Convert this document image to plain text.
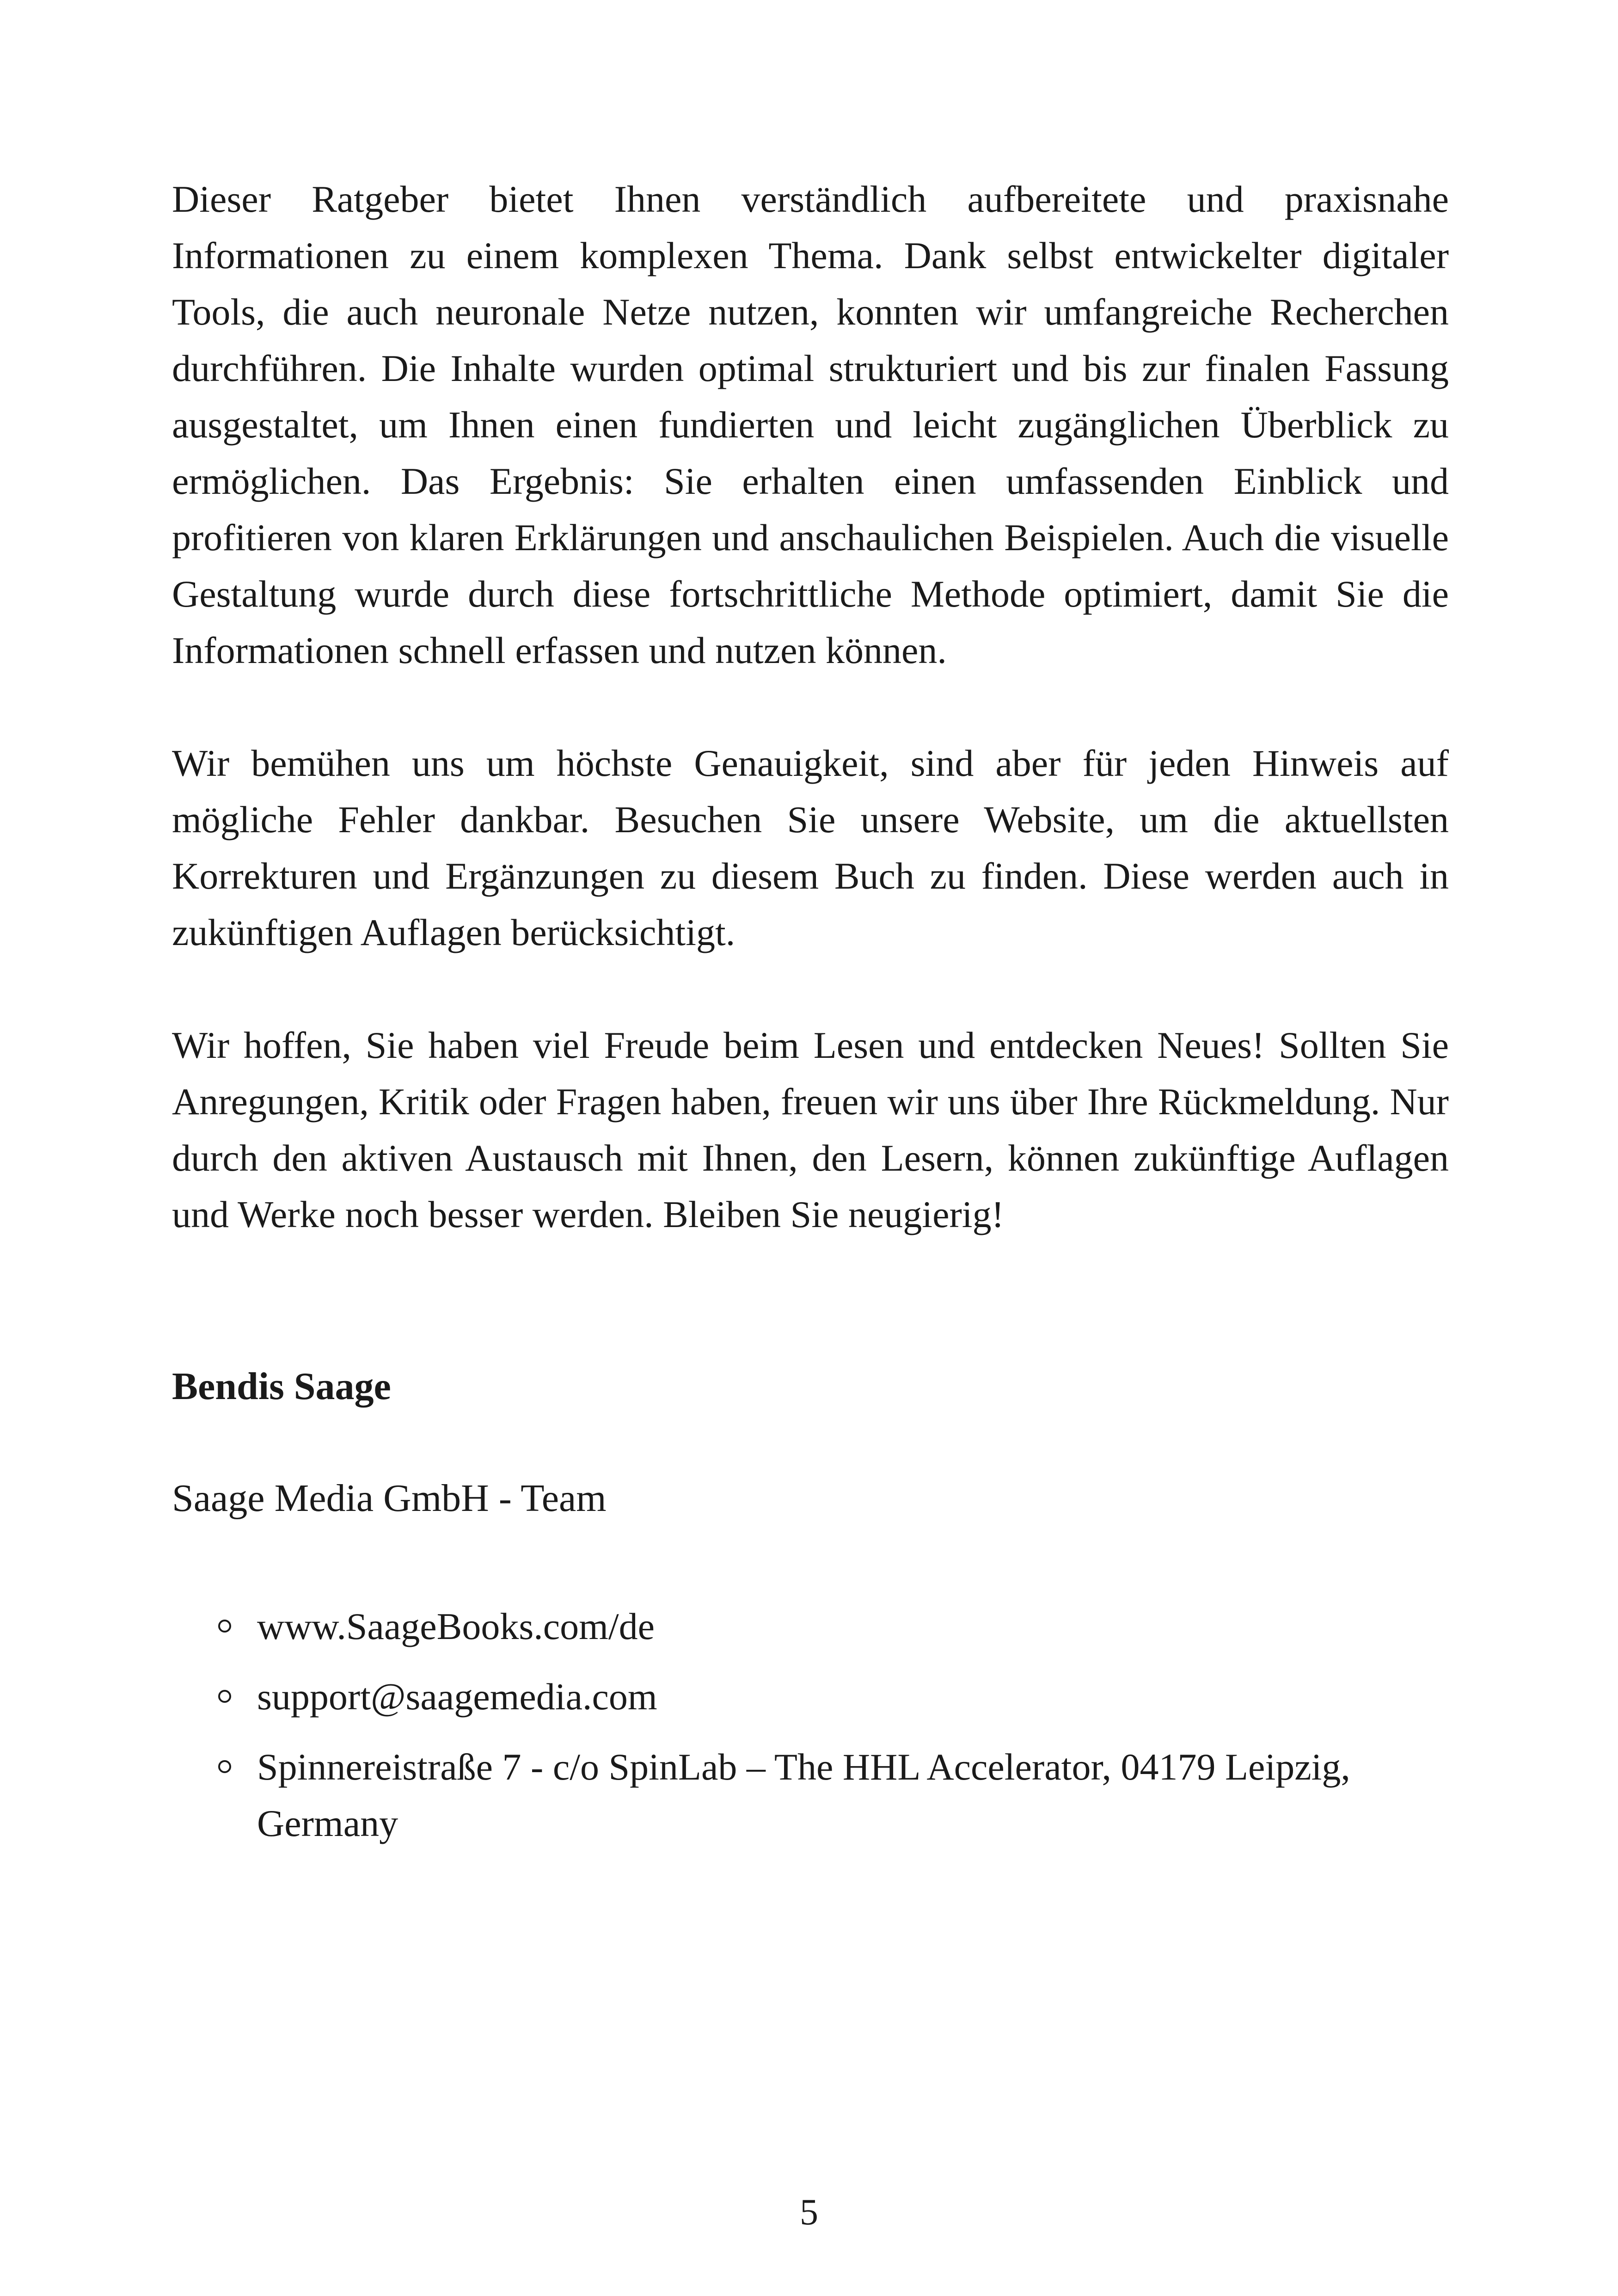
Dieser Ratgeber bietet Ihnen verständlich aufbereitete und praxisnahe Informationen zu einem komplexen Thema. Dank selbst entwickelter digitaler Tools, die auch neuronale Netze nutzen, konnten wir umfangreiche Recherchen durchführen. Die Inhalte wurden optimal strukturiert und bis zur finalen Fassung ausgestaltet, um Ihnen einen fundierten und leicht zugänglichen Überblick zu ermöglichen. Das Ergebnis: Sie erhalten einen umfassenden Einblick und profitieren von klaren Erklärungen und anschaulichen Beispielen. Auch die visuelle Gestaltung wurde durch diese fortschrittliche Methode optimiert, damit Sie die Informationen schnell erfassen und nutzen können.

Wir bemühen uns um höchste Genauigkeit, sind aber für jeden Hinweis auf mögliche Fehler dankbar. Besuchen Sie unsere Website, um die aktuellsten Korrekturen und Ergänzungen zu diesem Buch zu finden. Diese werden auch in zukünftigen Auflagen berücksichtigt.

Wir hoffen, Sie haben viel Freude beim Lesen und entdecken Neues! Sollten Sie Anregungen, Kritik oder Fragen haben, freuen wir uns über Ihre Rückmeldung. Nur durch den aktiven Austausch mit Ihnen, den Lesern, können zukünftige Auflagen und Werke noch besser werden. Bleiben Sie neugierig!

Bendis Saage
Saage Media GmbH - Team
www.SaageBooks.com/de
support@saagemedia.com
Spinnereistraße 7 - c/o SpinLab – The HHL Accelerator, 04179 Leipzig, Germany
5
